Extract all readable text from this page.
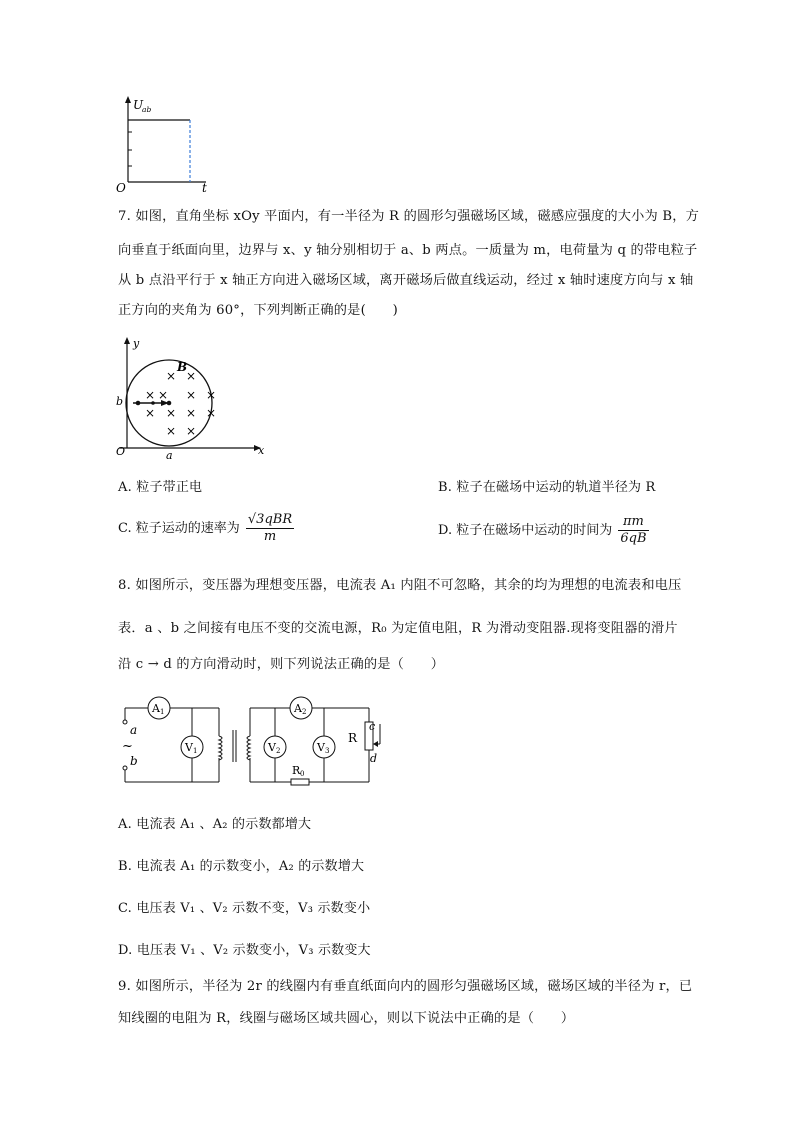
U
ab
O	t
7. 如图，直角坐标 xOy 平面内，有一半径为 R 的圆形匀强磁场区域，磁感应强度的大小为 B，方
向垂直于纸面向里，边界与 x、y 轴分别相切于 a、b 两点。一质量为 m，电荷量为 q 的带电粒子
从 b 点沿平行于 x 轴正方向进入磁场区域，离开磁场后做直线运动，经过 x 轴时速度方向与 x 轴
正方向的夹角为 60°，下列判断正确的是(　　)
× ×
× × × ×
× × × ×
× ×
B
y
x
O
b
a
A. 粒子带正电	B. 粒子在磁场中运动的轨道半径为 R
C. 粒子运动的速率为 $\frac{\text{√3qBR}}{m}$	D. 粒子在磁场中运动的时间为 $\frac{\pi m}{6qB}$
8. 如图所示，变压器为理想变压器，电流表 A₁ 内阻不可忽略，其余的均为理想的电流表和电压
表．a 、b 之间接有电压不变的交流电源，R₀ 为定值电阻，R 为滑动变阻器.现将变阻器的滑片
沿 c → d 的方向滑动时，则下列说法正确的是（　　）
~
a
b
A 1
V 1
A 2
V 2	V 3
R 0
R
c
d
A. 电流表 A₁ 、A₂ 的示数都增大
B. 电流表 A₁ 的示数变小，A₂ 的示数增大
C. 电压表 V₁ 、V₂ 示数不变，V₃ 示数变小
D. 电压表 V₁ 、V₂ 示数变小，V₃ 示数变大
9. 如图所示，半径为 2r 的线圈内有垂直纸面向内的圆形匀强磁场区域，磁场区域的半径为 r，已
知线圈的电阻为 R，线圈与磁场区域共圆心，则以下说法中正确的是（　　）
